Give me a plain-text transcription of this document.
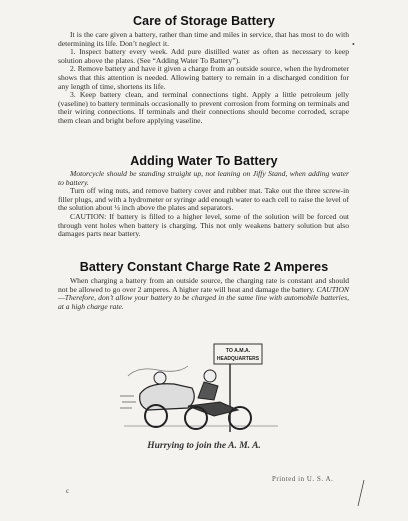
Care of Storage Battery

It is the care given a battery, rather than time and miles in service, that has most to do with determining its life. Don’t neglect it.

1. Inspect battery every week. Add pure distilled water as often as necessary to keep solution above the plates. (See “Adding Water To Battery”).

2. Remove battery and have it given a charge from an outside source, when the hydrometer shows that this attention is needed. Allowing battery to remain in a discharged condition for any length of time, shortens its life.

3. Keep battery clean, and terminal connections tight. Apply a little petroleum jelly (vaseline) to battery terminals occasionally to prevent corrosion from forming on terminals and their wiring connections. If terminals and their connections should become corroded, scrape them clean and bright before applying vaseline.

•
Adding Water To Battery

Motorcycle should be standing straight up, not leaning on Jiffy Stand, when adding water to battery.

Turn off wing nuts, and remove battery cover and rubber mat. Take out the three screw-in filler plugs, and with a hydrometer or syringe add enough water to each cell to raise the level of the solution about ¼ inch above the plates and separators.

CAUTION: If battery is filled to a higher level, some of the solution will be forced out through vent holes when battery is charging. This not only weakens battery solution but also damages parts near battery.

Battery Constant Charge Rate 2 Amperes

When charging a battery from an outside source, the charging rate is constant and should not be allowed to go over 2 amperes. A higher rate will heat and damage the battery. CAUTION—Therefore, don’t allow your battery to be charged in the same line with automobile batteries, at a high charge rate.

TO A.M.A.
HEADQUARTERS
Hurrying to join the A. M. A.
Printed in U. S. A.
c
